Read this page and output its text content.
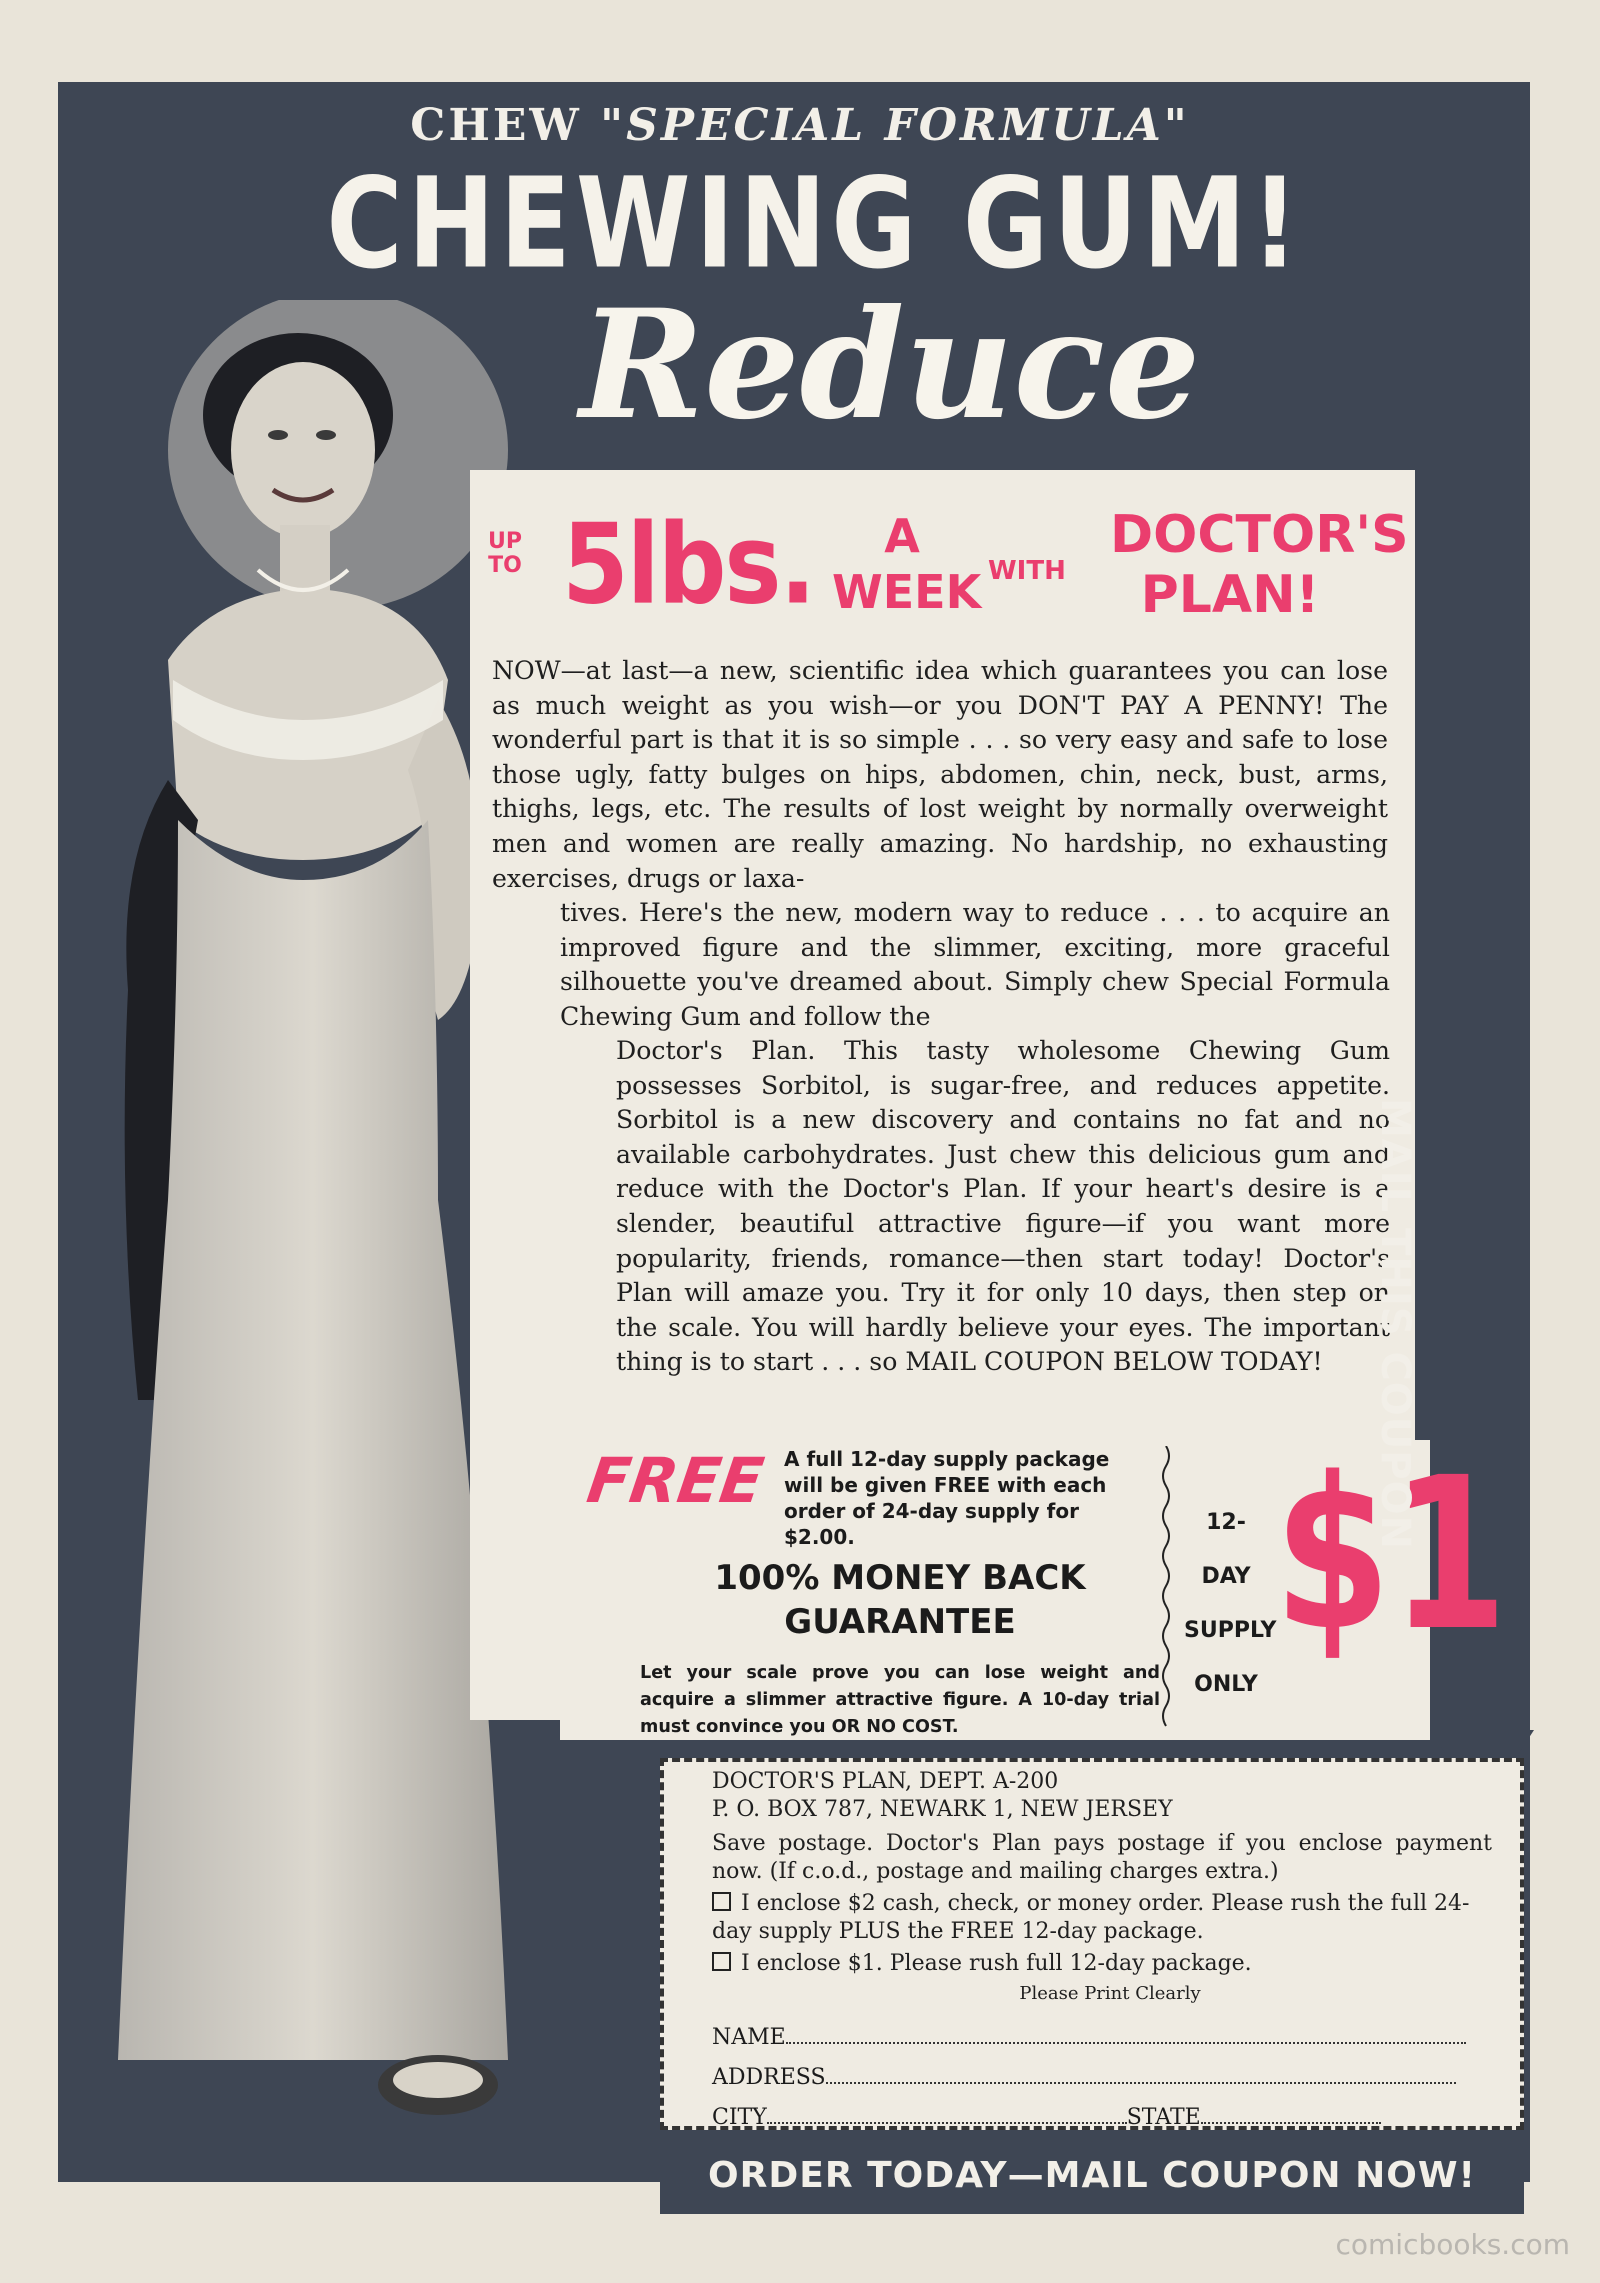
CHEW "SPECIAL FORMULA"
CHEWING GUM!
Reduce
UP
TO 5lbs.	A
WEEK WITH
DOCTOR'S
PLAN!
NOW—at last—a new, scientific idea which guarantees you can lose as much weight as you wish—or you DON'T PAY A PENNY! The wonderful part is that it is so simple . . . so very easy and safe to lose those ugly, fatty bulges on hips, abdomen, chin, neck, bust, arms, thighs, legs, etc. The results of lost weight by normally overweight men and women are really amazing. No hardship, no exhausting exercises, drugs or laxa-
tives. Here's the new, modern way to reduce . . . to acquire an improved figure and the slimmer, exciting, more graceful silhouette you've dreamed about. Simply chew Special Formula Chewing Gum and follow the
Doctor's Plan. This tasty wholesome Chewing Gum possesses Sorbitol, is sugar-free, and reduces appetite. Sorbitol is a new discovery and contains no fat and no available carbohydrates. Just chew this delicious gum and reduce with the Doctor's Plan. If your heart's desire is a slender, beautiful attractive figure—if you want more popularity, friends, romance—then start today! Doctor's Plan will amaze you. Try it for only 10 days, then step on the scale. You will hardly believe your eyes. The important thing is to start . . . so MAIL COUPON BELOW TODAY!
FREE A full 12-day supply package will be given FREE with each order of 24-day supply for $2.00.
100% MONEY BACK GUARANTEE
Let your scale prove you can lose weight and acquire a slimmer attractive figure. A 10-day trial must convince you OR NO COST.
12-
DAY
SUPPLY
ONLY
$1
MAIL THIS COUPON
DOCTOR'S PLAN, DEPT. A-200
P. O. BOX 787, NEWARK 1, NEW JERSEY
Save postage. Doctor's Plan pays postage if you enclose payment now. (If c.o.d., postage and mailing charges extra.)
I enclose $2 cash, check, or money order. Please rush the full 24-day supply PLUS the FREE 12-day package.
I enclose $1. Please rush full 12-day package.
Please Print Clearly
NAME
ADDRESS
CITY	STATE
ORDER TODAY—MAIL COUPON NOW!
comicbooks.com
